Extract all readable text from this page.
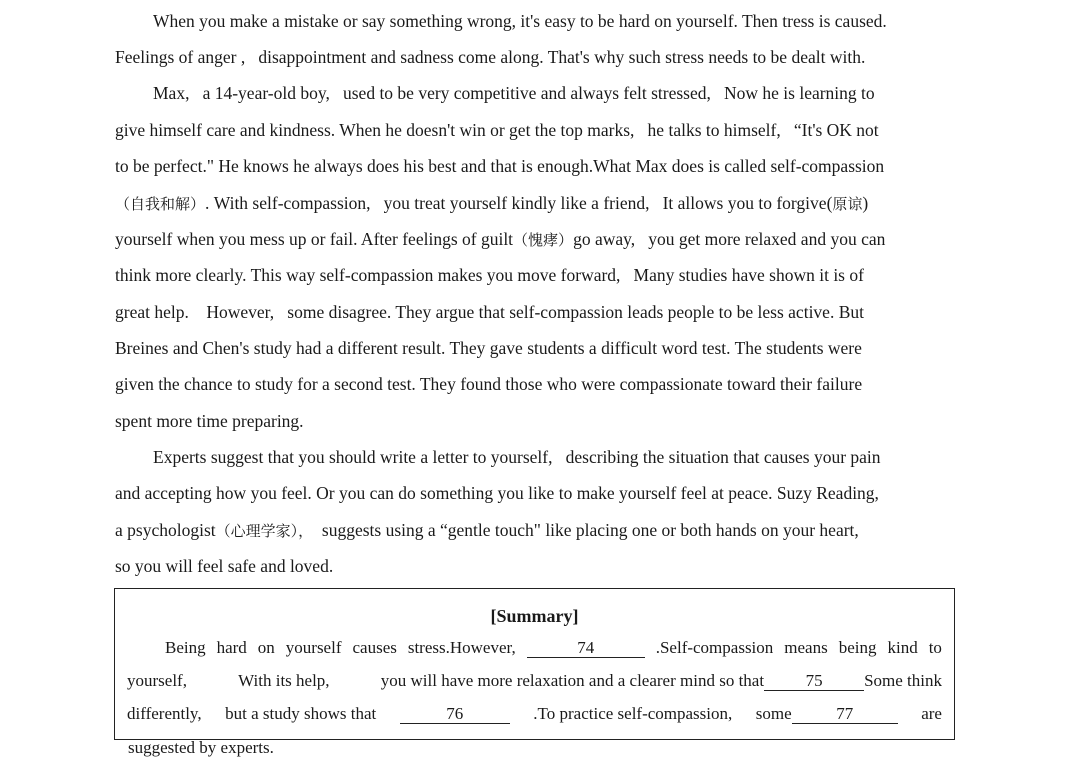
When you make a mistake or say something wrong, it's easy to be hard on yourself. Then tress is caused.

Feelings of anger ,   disappointment and sadness come along. That's why such stress needs to be dealt with.

Max,   a 14-year-old boy,   used to be very competitive and always felt stressed,   Now he is learning to

give himself care and kindness. When he doesn't win or get the top marks,   he talks to himself,   “It's OK not

to be perfect." He knows he always does his best and that is enough.What Max does is called self-compassion

（自我和解）. With self-compassion,   you treat yourself kindly like a friend,   It allows you to forgive(原谅)

yourself when you mess up or fail. After feelings of guilt（愧痚）go away,   you get more relaxed and you can

think more clearly. This way self-compassion makes you move forward,   Many studies have shown it is of

great help.    However,   some disagree. They argue that self-compassion leads people to be less active. But

Breines and Chen's study had a different result. They gave students a difficult word test. The students were

given the chance to study for a second test. They found those who were compassionate toward their failure

spent more time preparing.

Experts suggest that you should write a letter to yourself,   describing the situation that causes your pain

and accepting how you feel. Or you can do something you like to make yourself feel at peace. Suzy Reading,

a psychologist（心理学家），  suggests using a “gentle touch" like placing one or both hands on your heart,

so you will feel safe and loved.

[Summary]

Being hard on yourself causes stress.However,	74	.Self-compassion means being kind to

yourself,	With its help,	you will have more relaxation and a clearer mind so that 75 Some think

differently, but a study shows that	76	.To practice self-compassion, some	77	are

suggested by experts.
